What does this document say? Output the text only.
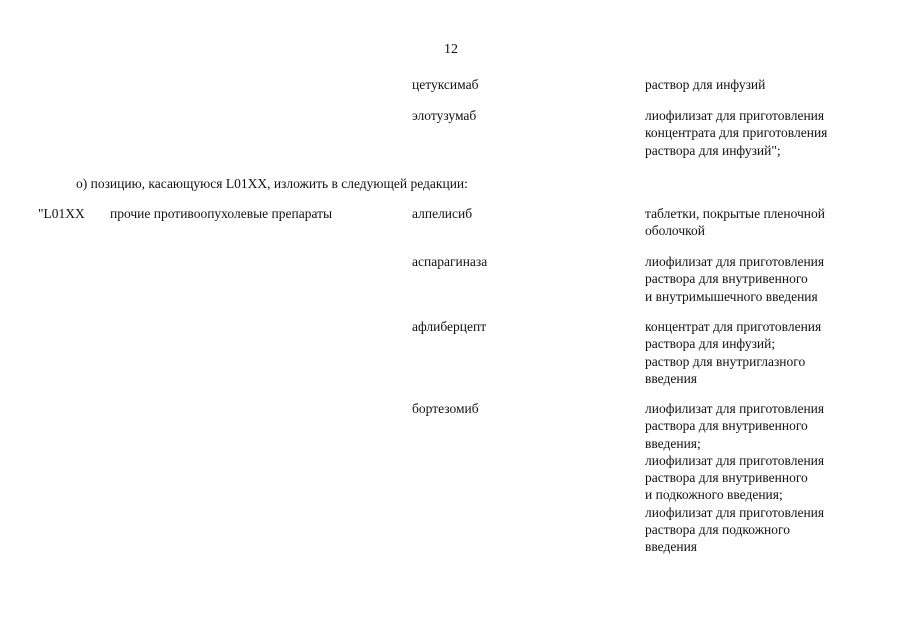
12
цетуксимаб	раствор для инфузий
элотузумаб	лиофилизат для приготовления
концентрата для приготовления
раствора для инфузий";
о) позицию, касающуюся L01XX, изложить в следующей редакции:
"L01XX прочие противоопухолевые препараты	алпелисиб	таблетки, покрытые пленочной
оболочкой
аспарагиназа	лиофилизат для приготовления
раствора для внутривенного
и внутримышечного введения
афлиберцепт	концентрат для приготовления
раствора для инфузий;
раствор для внутриглазного
введения
бортезомиб	лиофилизат для приготовления
раствора для внутривенного
введения;
лиофилизат для приготовления
раствора для внутривенного
и подкожного введения;
лиофилизат для приготовления
раствора для подкожного
введения
